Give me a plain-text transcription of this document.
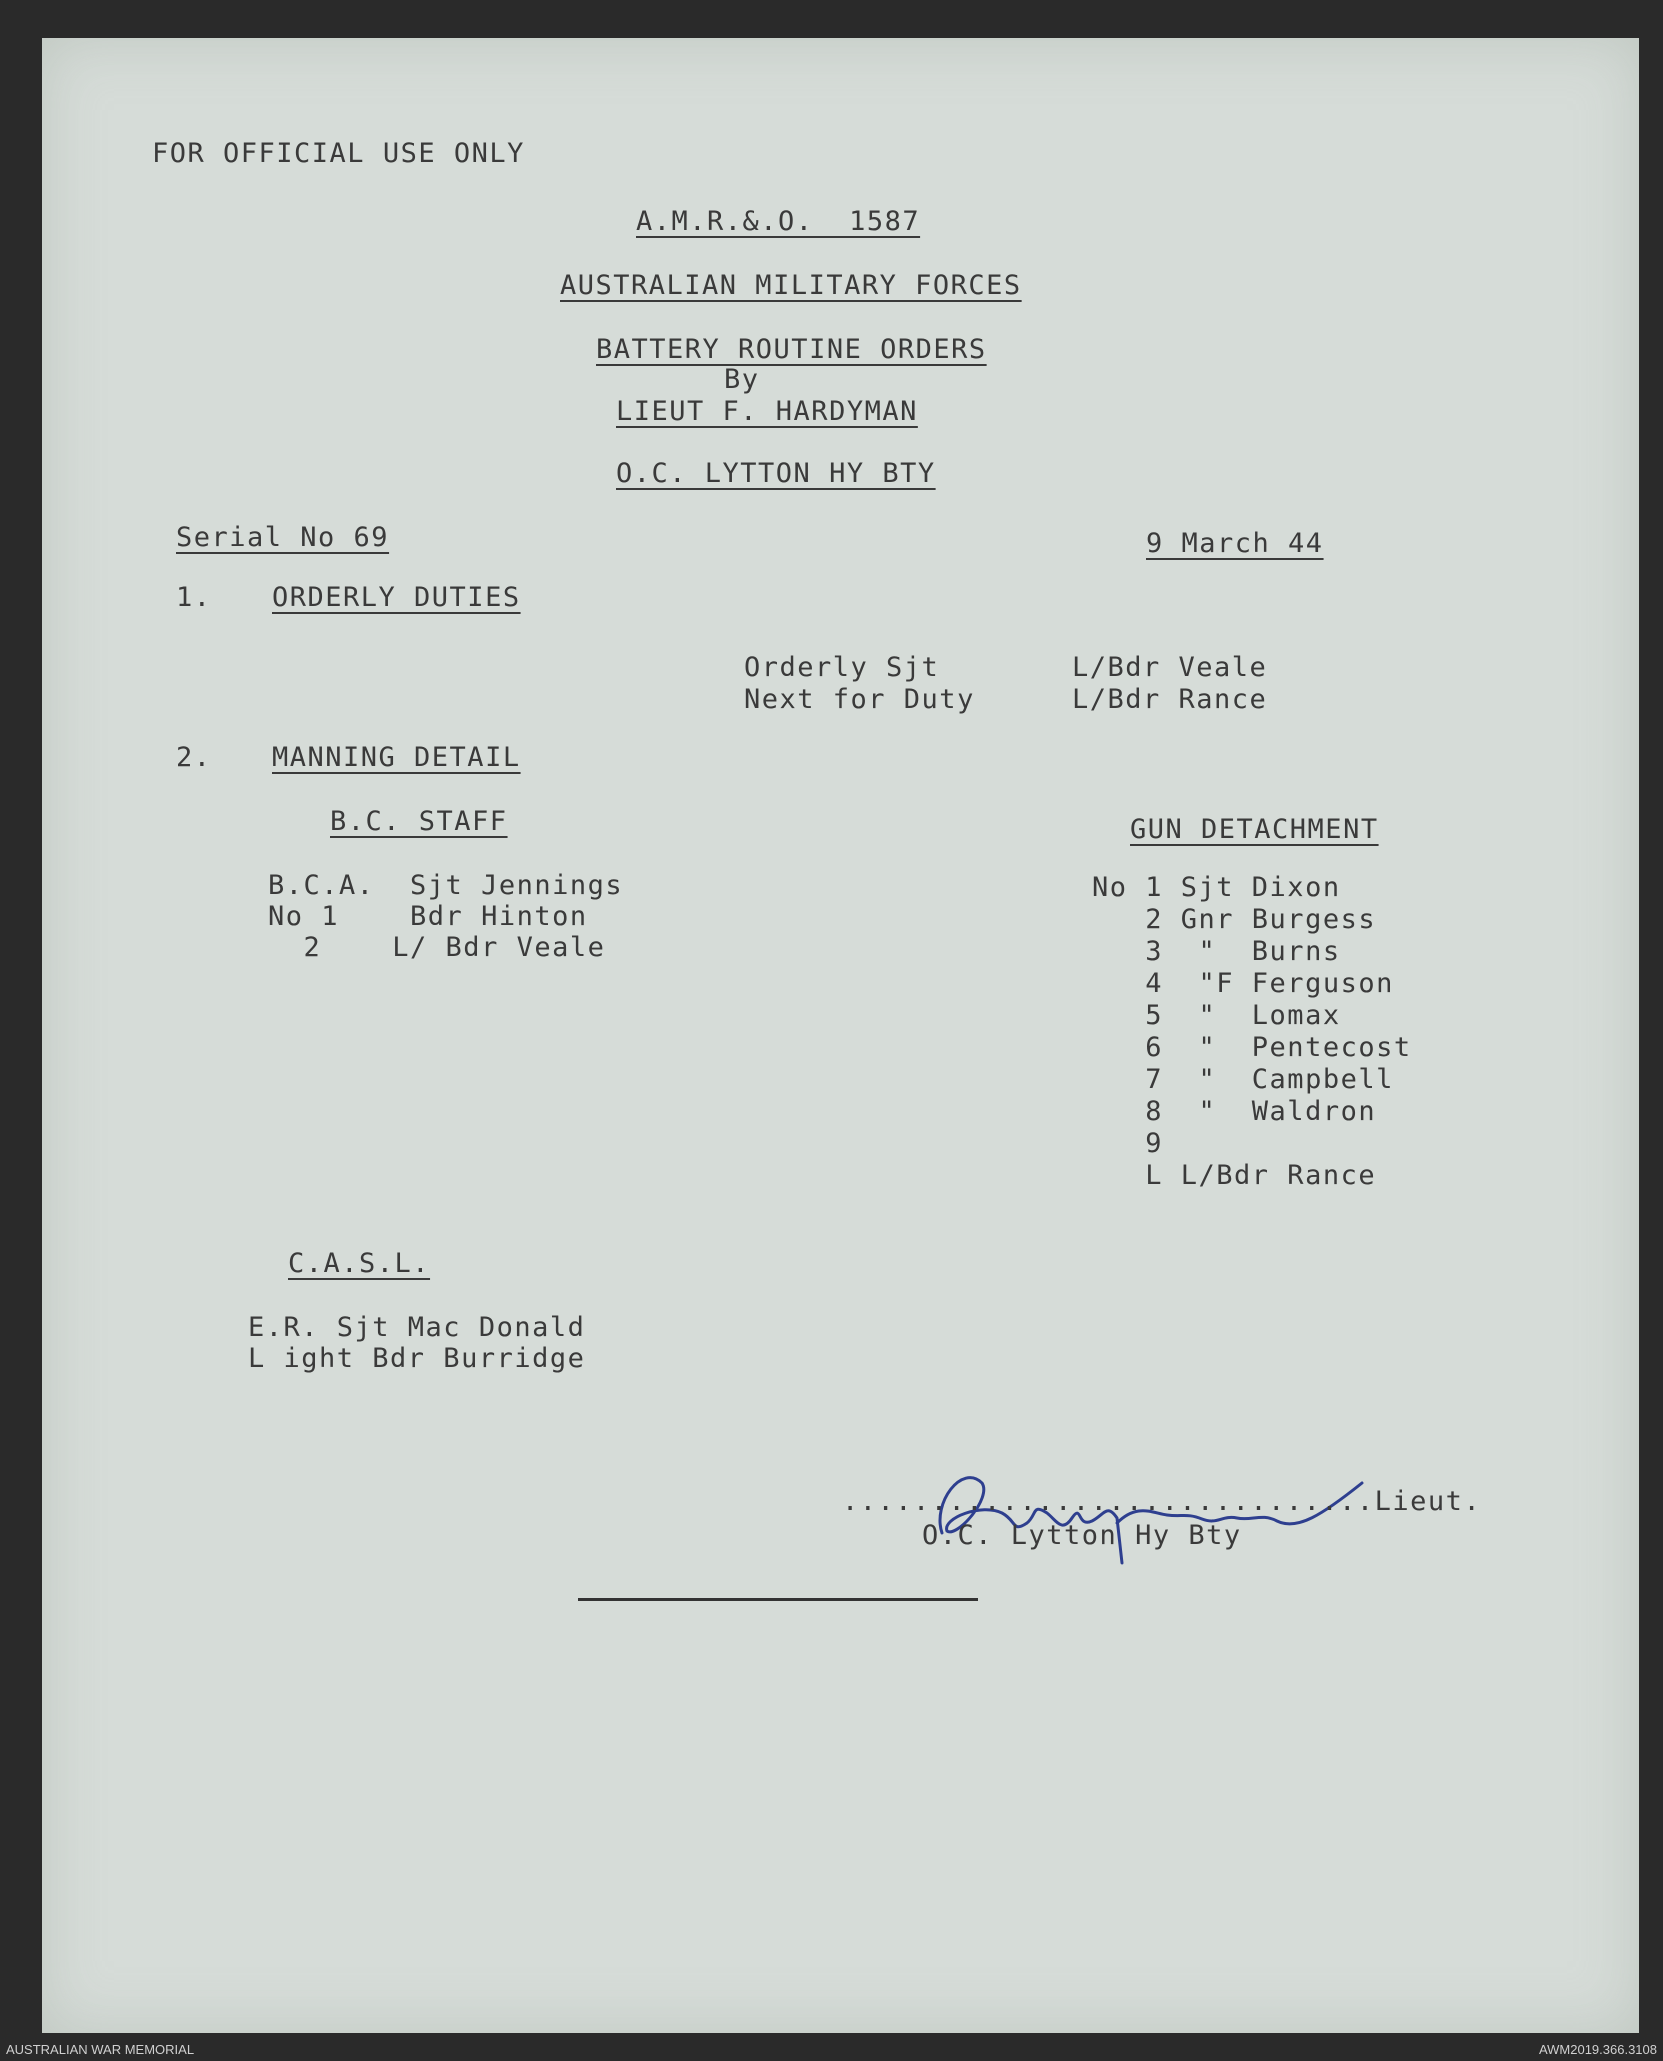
FOR OFFICIAL USE ONLY
A.M.R.&.O.  1587
AUSTRALIAN MILITARY FORCES
BATTERY ROUTINE ORDERS
By
LIEUT F. HARDYMAN
O.C. LYTTON HY BTY
Serial No 69	9 March 44
1. ORDERLY DUTIES
Orderly Sjt	L/Bdr Veale
Next for Duty	L/Bdr Rance
2. MANNING DETAIL
B.C. STAFF
B.C.A.  Sjt Jennings
No 1    Bdr Hinton
2    L/ Bdr Veale
GUN DETACHMENT
No 1 Sjt Dixon
2 Gnr Burgess
3  "  Burns
4  "F Ferguson
5  "  Lomax
6  "  Pentecost
7  "  Campbell
8  "  Waldron
9
L L/Bdr Rance
C.A.S.L.
E.R. Sjt Mac Donald
L ight Bdr Burridge
..............................Lieut.
O.C. Lytton Hy Bty
AUSTRALIAN WAR MEMORIAL	AWM2019.366.3108
